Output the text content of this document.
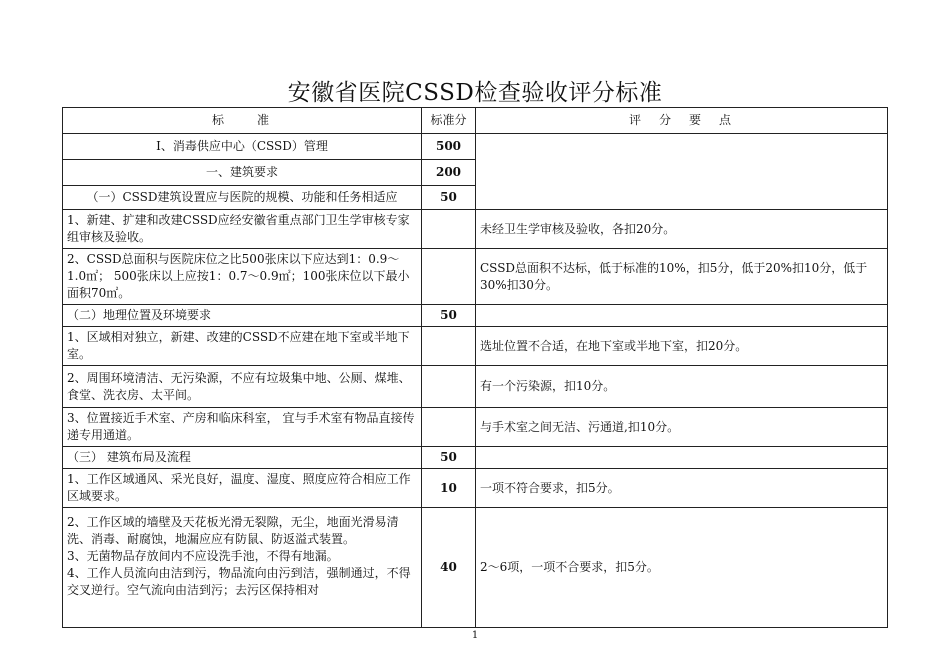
安徽省医院CSSD检查验收评分标准
标　　准	标准分	评　分　要　点
Ⅰ、消毒供应中心（CSSD）管理	500	
一、建筑要求	200	
（一）CSSD建筑设置应与医院的规模、功能和任务相适应	50	
1、新建、扩建和改建CSSD应经安徽省重点部门卫生学审核专家组审核及验收。		未经卫生学审核及验收，各扣20分。
2、CSSD总面积与医院床位之比500张床以下应达到1：0.9～1.0㎡； 500张床以上应按1：0.7～0.9㎡；100张床位以下最小面积70㎡。		CSSD总面积不达标，低于标准的10%，扣5分，低于20%扣10分，低于30%扣30分。
（二）地理位置及环境要求	50	
1、区域相对独立，新建、改建的CSSD不应建在地下室或半地下室。		选址位置不合适，在地下室或半地下室，扣20分。
2、周围环境清洁、无污染源，不应有垃圾集中地、公厕、煤堆、食堂、洗衣房、太平间。		有一个污染源，扣10分。
3、位置接近手术室、产房和临床科室， 宜与手术室有物品直接传递专用通道。		与手术室之间无洁、污通道,扣10分。
（三） 建筑布局及流程	50	
1、工作区域通风、采光良好，温度、湿度、照度应符合相应工作区域要求。	10	一项不符合要求，扣5分。

2、工作区域的墙壁及天花板光滑无裂隙，无尘，地面光滑易清洗、消毒、耐腐蚀，地漏应应有防鼠、防返溢式装置。
3、无菌物品存放间内不应设洗手池，不得有地漏。
4、工作人员流向由洁到污，物品流向由污到洁，强制通过，不得交叉逆行。空气流向由洁到污；去污区保持相对	40	2～6项，一项不合要求，扣5分。
1
